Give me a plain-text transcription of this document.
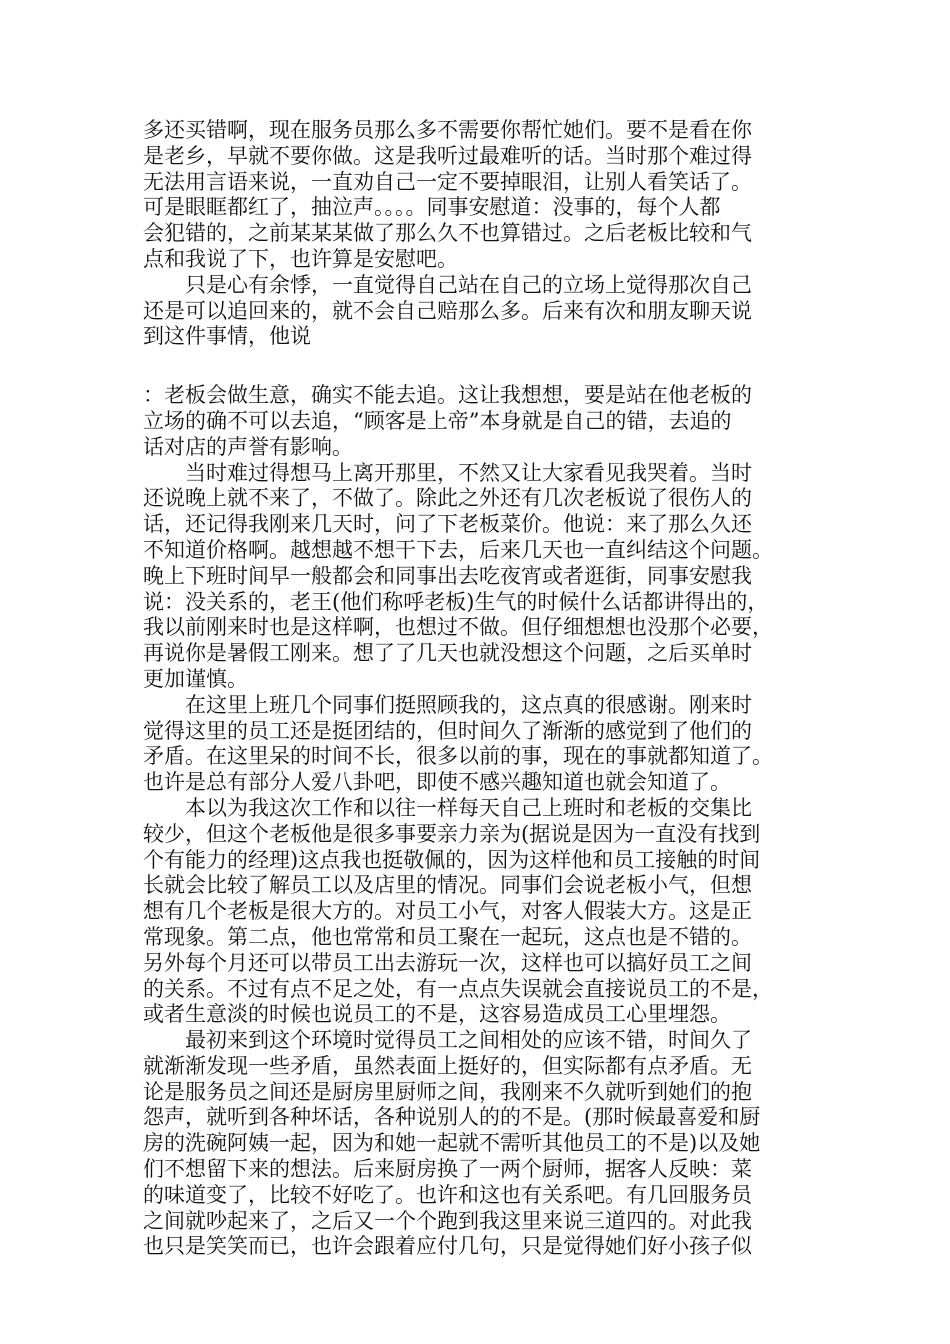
多还买错啊，现在服务员那么多不需要你帮忙她们。要不是看在你
是老乡，早就不要你做。这是我听过最难听的话。当时那个难过得
无法用言语来说，一直劝自己一定不要掉眼泪，让别人看笑话了。
可是眼眶都红了，抽泣声。。。。同事安慰道：没事的，每个人都
会犯错的，之前某某某做了那么久不也算错过。之后老板比较和气
点和我说了下，也许算是安慰吧。
　　只是心有余悸，一直觉得自己站在自己的立场上觉得那次自己
还是可以追回来的，就不会自己赔那么多。后来有次和朋友聊天说
到这件事情，他说
：老板会做生意，确实不能去追。这让我想想，要是站在他老板的
立场的确不可以去追，“顾客是上帝”本身就是自己的错，去追的
话对店的声誉有影响。
　　当时难过得想马上离开那里，不然又让大家看见我哭着。当时
还说晚上就不来了，不做了。除此之外还有几次老板说了很伤人的
话，还记得我刚来几天时，问了下老板菜价。他说：来了那么久还
不知道价格啊。越想越不想干下去，后来几天也一直纠结这个问题。
晚上下班时间早一般都会和同事出去吃夜宵或者逛街，同事安慰我
说：没关系的，老王(他们称呼老板)生气的时候什么话都讲得出的，
我以前刚来时也是这样啊，也想过不做。但仔细想想也没那个必要，
再说你是暑假工刚来。想了了几天也就没想这个问题，之后买单时
更加谨慎。
　　在这里上班几个同事们挺照顾我的，这点真的很感谢。刚来时
觉得这里的员工还是挺团结的，但时间久了渐渐的感觉到了他们的
矛盾。在这里呆的时间不长，很多以前的事，现在的事就都知道了。
也许是总有部分人爱八卦吧，即使不感兴趣知道也就会知道了。
　　本以为我这次工作和以往一样每天自己上班时和老板的交集比
较少，但这个老板他是很多事要亲力亲为(据说是因为一直没有找到
个有能力的经理)这点我也挺敬佩的，因为这样他和员工接触的时间
长就会比较了解员工以及店里的情况。同事们会说老板小气，但想
想有几个老板是很大方的。对员工小气，对客人假装大方。这是正
常现象。第二点，他也常常和员工聚在一起玩，这点也是不错的。
另外每个月还可以带员工出去游玩一次，这样也可以搞好员工之间
的关系。不过有点不足之处，有一点点失误就会直接说员工的不是，
或者生意淡的时候也说员工的不是，这容易造成员工心里埋怨。
　　最初来到这个环境时觉得员工之间相处的应该不错，时间久了
就渐渐发现一些矛盾，虽然表面上挺好的，但实际都有点矛盾。无
论是服务员之间还是厨房里厨师之间，我刚来不久就听到她们的抱
怨声，就听到各种坏话，各种说别人的的不是。(那时候最喜爱和厨
房的洗碗阿姨一起，因为和她一起就不需听其他员工的不是)以及她
们不想留下来的想法。后来厨房换了一两个厨师，据客人反映：菜
的味道变了，比较不好吃了。也许和这也有关系吧。有几回服务员
之间就吵起来了，之后又一个个跑到我这里来说三道四的。对此我
也只是笑笑而已，也许会跟着应付几句，只是觉得她们好小孩子似
